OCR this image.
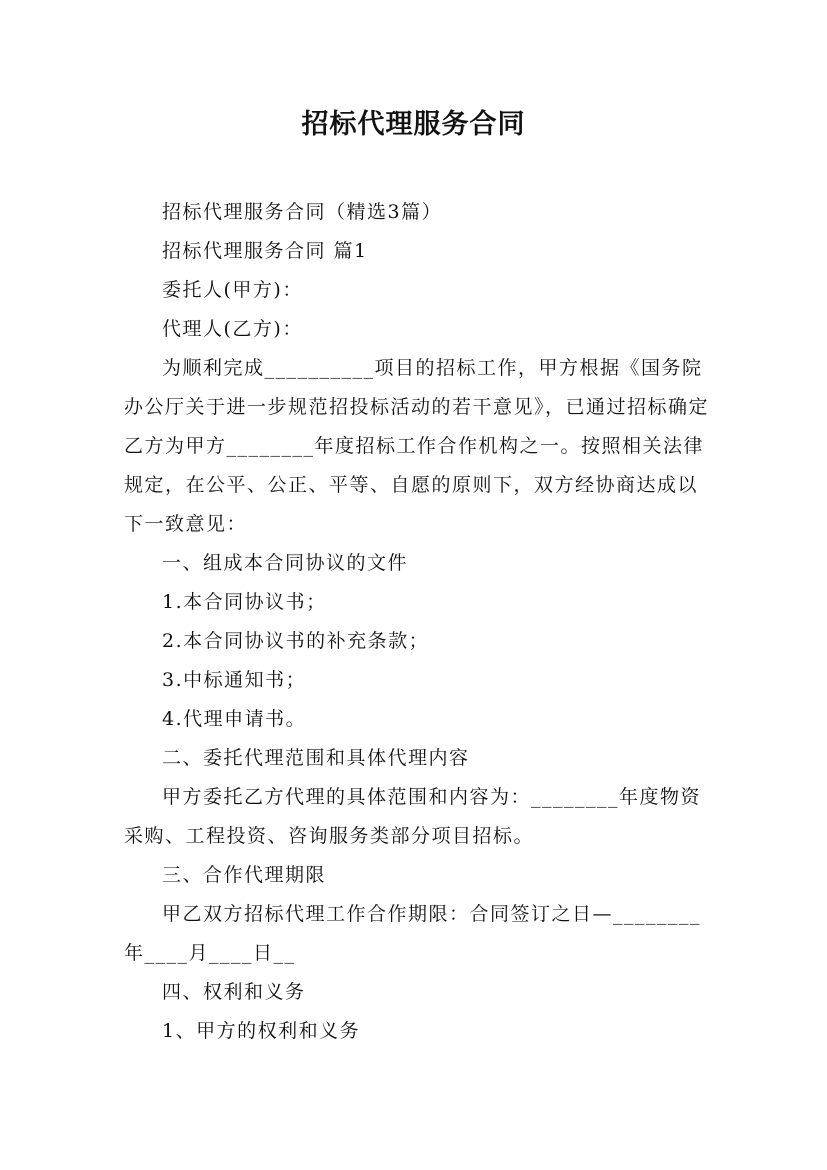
招标代理服务合同

招标代理服务合同（精选3篇）

招标代理服务合同 篇1

委托人(甲方)：

代理人(乙方)：

为顺利完成__________项目的招标工作，甲方根据《国务院办公厅关于进一步规范招投标活动的若干意见》，已通过招标确定乙方为甲方________年度招标工作合作机构之一。按照相关法律规定，在公平、公正、平等、自愿的原则下，双方经协商达成以下一致意见：

一、组成本合同协议的文件

1.本合同协议书；

2.本合同协议书的补充条款；

3.中标通知书；

4.代理申请书。

二、委托代理范围和具体代理内容

甲方委托乙方代理的具体范围和内容为：________年度物资采购、工程投资、咨询服务类部分项目招标。

三、合作代理期限

甲乙双方招标代理工作合作期限：合同签订之日—________年____月____日__

四、权利和义务

1、甲方的权利和义务
